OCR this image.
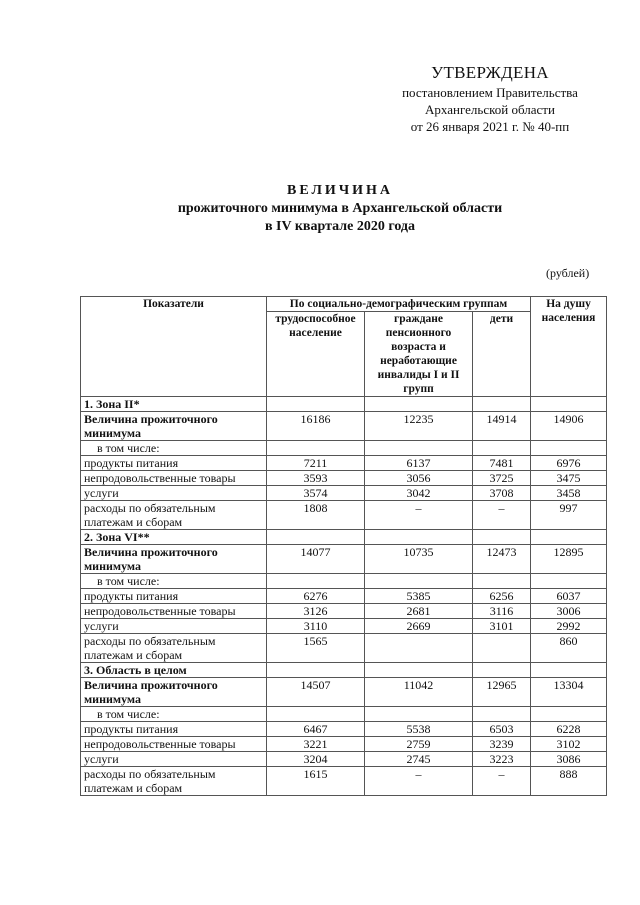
УТВЕРЖДЕНА
постановлением Правительства
Архангельской области
от 26 января 2021 г. № 40-пп
ВЕЛИЧИНА
прожиточного минимума в Архангельской области
в IV квартале 2020 года
(рублей)
Показатели	По социально-демографическим группам			На душу населения
	трудоспособное население	граждане пенсионного возраста и неработающие инвалиды I и II групп	дети	
1. Зона II*				
Величина прожиточного минимума	16186	12235	14914	14906
в том числе:				
продукты питания	7211	6137	7481	6976
непродовольственные товары	3593	3056	3725	3475
услуги	3574	3042	3708	3458
расходы по обязательным платежам и сборам	1808	–	–	997
2. Зона VI**				
Величина прожиточного минимума	14077	10735	12473	12895
в том числе:				
продукты питания	6276	5385	6256	6037
непродовольственные товары	3126	2681	3116	3006
услуги	3110	2669	3101	2992
расходы по обязательным платежам и сборам	1565			860
3. Область в целом				
Величина прожиточного минимума	14507	11042	12965	13304
в том числе:				
продукты питания	6467	5538	6503	6228
непродовольственные товары	3221	2759	3239	3102
услуги	3204	2745	3223	3086
расходы по обязательным платежам и сборам	1615	–	–	888
